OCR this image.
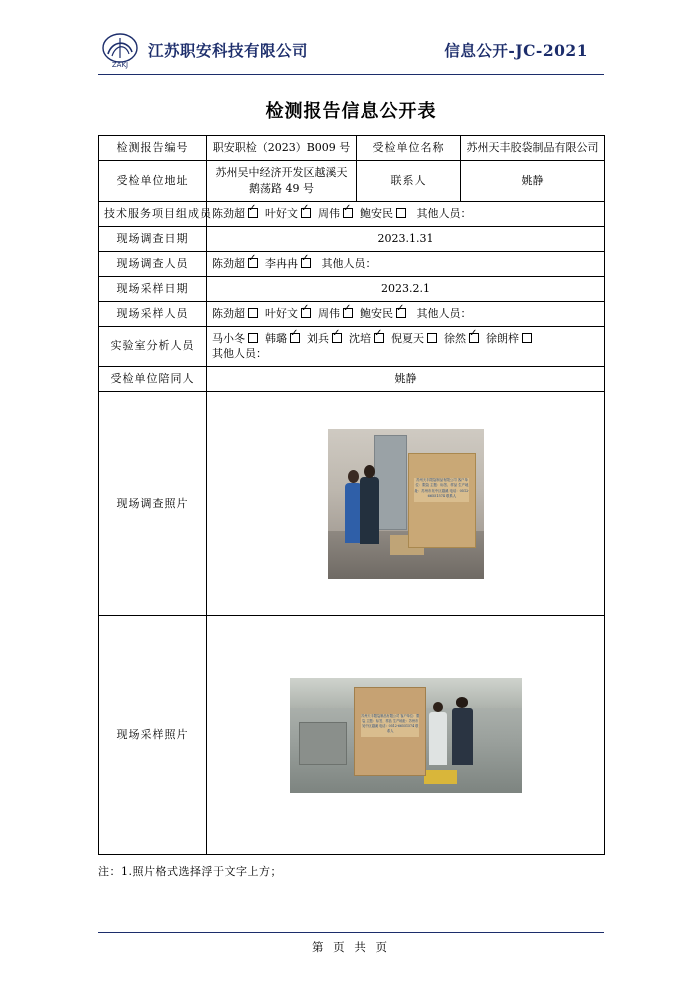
ZAKJ
江苏职安科技有限公司	信息公开-JC-2021
检测报告信息公开表
检测报告编号	职安职检（2023）B009 号	受检单位名称	苏州天丰胶袋制品有限公司
受检单位地址	苏州吴中经济开发区越溪天鹅荡路 49 号	联系人	姚静
技术服务项目组成员	陈劲超 ✓ 叶好文 ✓ 周伟 ✓ 鲍安民 其他人员：
现场调查日期	2023.1.31		
现场调查人员	陈劲超 ✓ 李冉冉 ✓ 其他人员：
现场采样日期	2023.2.1		
现场采样人员	陈劲超 叶好文 ✓ 周伟 ✓ 鲍安民 ✓ 其他人员：
实验室分析人员	马小冬 韩璐 ✓ 刘兵 ✓ 沈培 ✓ 倪夏天 徐然 ✓ 徐朗梓
其他人员：

受检单位陪同人	姚静		
现场调查照片	苏州天丰限袋制品有限公司 客户单位：限袋 主题：标签、样品 生产地址：苏州市吴中区越溪 电话：0512-66551574 联系人		

现场采样照片	苏州天丰限袋制品有限公司 客户单位：限袋 主题：标签、样品 生产地址：苏州市吴中区越溪 电话：0512-66551574 联系人		
注：1.照片格式选择浮于文字上方；
第 页 共 页
